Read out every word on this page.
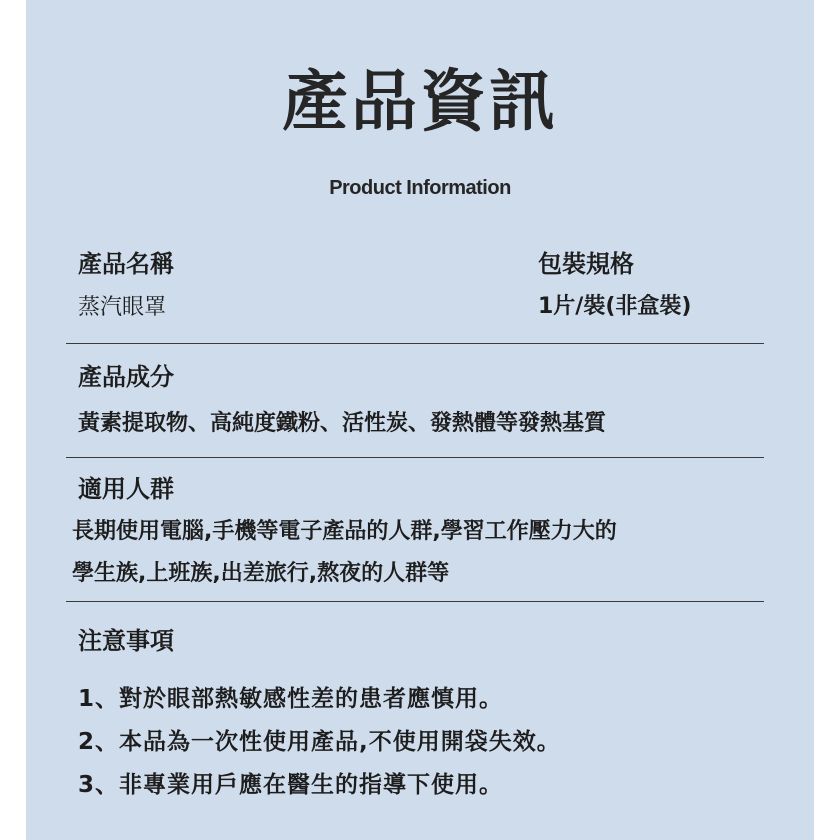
產品資訊
Product Information
產品名稱
蒸汽眼罩
包裝規格
1片/裝(非盒裝)
產品成分
黃素提取物、高純度鐵粉、活性炭、發熱體等發熱基質
適用人群
長期使用電腦,手機等電子產品的人群,學習工作壓力大的
學生族,上班族,出差旅行,熬夜的人群等
注意事項
1、對於眼部熱敏感性差的患者應慎用。
2、本品為一次性使用產品,不使用開袋失效。
3、非專業用戶應在醫生的指導下使用。
